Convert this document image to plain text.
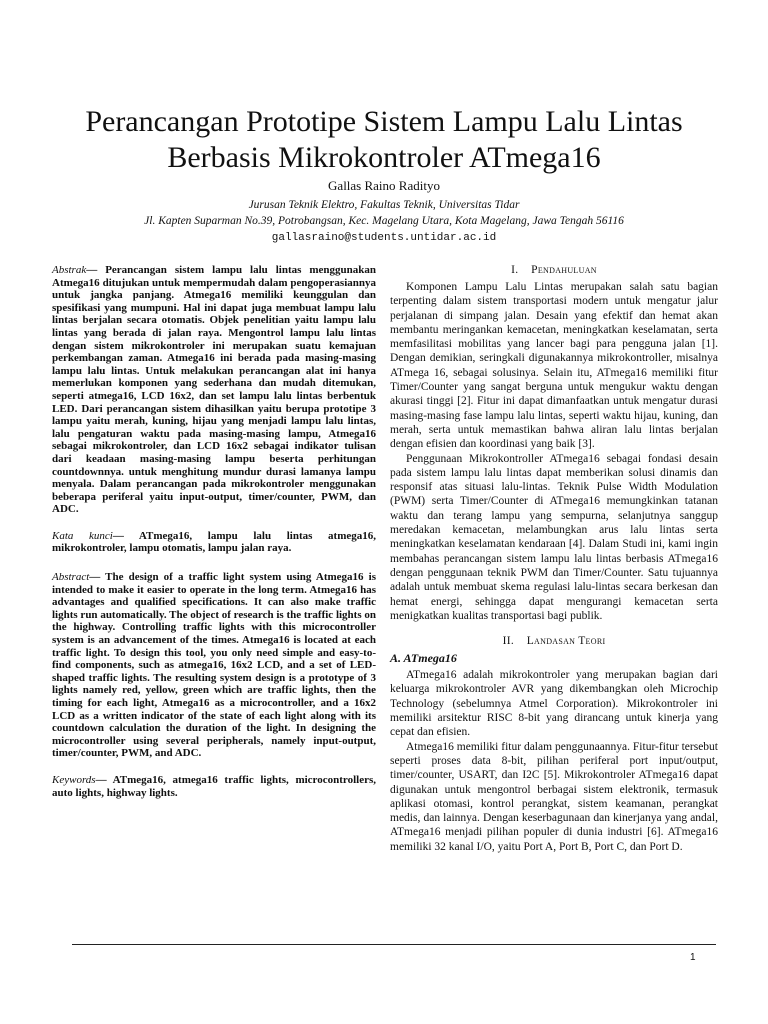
Perancangan Prototipe Sistem Lampu Lalu Lintas Berbasis Mikrokontroler ATmega16
Gallas Raino Radityo
Jurusan Teknik Elektro, Fakultas Teknik, Universitas Tidar
Jl. Kapten Suparman No.39, Potrobangsan, Kec. Magelang Utara, Kota Magelang, Jawa Tengah 56116
gallasraino@students.untidar.ac.id

Abstrak— Perancangan sistem lampu lalu lintas menggunakan Atmega16 ditujukan untuk mempermudah dalam pengoperasiannya untuk jangka panjang. Atmega16 memiliki keunggulan dan spesifikasi yang mumpuni. Hal ini dapat juga membuat lampu lalu lintas berjalan secara otomatis. Objek penelitian yaitu lampu lalu lintas yang berada di jalan raya. Mengontrol lampu lalu lintas dengan sistem mikrokontroler ini merupakan suatu kemajuan perkembangan zaman. Atmega16 ini berada pada masing-masing lampu lalu lintas. Untuk melakukan perancangan alat ini hanya memerlukan komponen yang sederhana dan mudah ditemukan, seperti atmega16, LCD 16x2, dan set lampu lalu lintas berbentuk LED. Dari perancangan sistem dihasilkan yaitu berupa prototipe 3 lampu yaitu merah, kuning, hijau yang menjadi lampu lalu lintas, lalu pengaturan waktu pada masing-masing lampu, Atmega16 sebagai mikrokontroler, dan LCD 16x2 sebagai indikator tulisan dari keadaan masing-masing lampu beserta perhitungan countdownnya. untuk menghitung mundur durasi lamanya lampu menyala. Dalam perancangan pada mikrokontroler menggunakan beberapa periferal yaitu input-output, timer/counter, PWM, dan ADC.

Kata kunci— ATmega16, lampu lalu lintas atmega16, mikrokontroler, lampu otomatis, lampu jalan raya.

Abstract— The design of a traffic light system using Atmega16 is intended to make it easier to operate in the long term. Atmega16 has advantages and qualified specifications. It can also make traffic lights run automatically. The object of research is the traffic lights on the highway. Controlling traffic lights with this microcontroller system is an advancement of the times. Atmega16 is located at each traffic light. To design this tool, you only need simple and easy-to-find components, such as atmega16, 16x2 LCD, and a set of LED-shaped traffic lights. The resulting system design is a prototype of 3 lights namely red, yellow, green which are traffic lights, then the timing for each light, Atmega16 as a microcontroller, and a 16x2 LCD as a written indicator of the state of each light along with its countdown calculation the duration of the light. In designing the microcontroller using several peripherals, namely input-output, timer/counter, PWM, and ADC.

Keywords— ATmega16, atmega16 traffic lights, microcontrollers, auto lights, highway lights.

I. Pendahuluan

Komponen Lampu Lalu Lintas merupakan salah satu bagian terpenting dalam sistem transportasi modern untuk mengatur jalur perjalanan di simpang jalan. Desain yang efektif dan hemat akan membantu meringankan kemacetan, meningkatkan keselamatan, serta memfasilitasi mobilitas yang lancer bagi para pengguna jalan [1]. Dengan demikian, seringkali digunakannya mikrokontroller, misalnya ATmega 16, sebagai solusinya. Selain itu, ATmega16 memiliki fitur Timer/Counter yang sangat berguna untuk mengukur waktu dengan akurasi tinggi [2]. Fitur ini dapat dimanfaatkan untuk mengatur durasi masing-masing fase lampu lalu lintas, seperti waktu hijau, kuning, dan merah, serta untuk memastikan bahwa aliran lalu lintas berjalan dengan efisien dan koordinasi yang baik [3].

Penggunaan Mikrokontroller ATmega16 sebagai fondasi desain pada sistem lampu lalu lintas dapat memberikan solusi dinamis dan responsif atas situasi lalu-lintas. Teknik Pulse Width Modulation (PWM) serta Timer/Counter di ATmega16 memungkinkan tatanan waktu dan terang lampu yang sempurna, selanjutnya sanggup meredakan kemacetan, melambungkan arus lalu lintas serta meningkatkan keselamatan kendaraan [4]. Dalam Studi ini, kami ingin membahas perancangan sistem lampu lalu lintas berbasis ATmega16 dengan penggunaan teknik PWM dan Timer/Counter. Satu tujuannya adalah untuk membuat skema regulasi lalu-lintas secara berkesan dan hemat energi, sehingga dapat mengurangi kemacetan serta menigkatkan kualitas transportasi bagi publik.

II. Landasan Teori
A. ATmega16

ATmega16 adalah mikrokontroler yang merupakan bagian dari keluarga mikrokontroler AVR yang dikembangkan oleh Microchip Technology (sebelumnya Atmel Corporation). Mikrokontroler ini memiliki arsitektur RISC 8-bit yang dirancang untuk kinerja yang cepat dan efisien.

Atmega16 memiliki fitur dalam penggunaannya. Fitur-fitur tersebut seperti proses data 8-bit, pilihan periferal port input/output, timer/counter, USART, dan I2C [5]. Mikrokontroler ATmega16 dapat digunakan untuk mengontrol berbagai sistem elektronik, termasuk aplikasi otomasi, kontrol perangkat, sistem keamanan, perangkat medis, dan lainnya. Dengan keserbagunaan dan kinerjanya yang andal, ATmega16 menjadi pilihan populer di dunia industri [6]. ATmega16 memiliki 32 kanal I/O, yaitu Port A, Port B, Port C, dan Port D.

1
